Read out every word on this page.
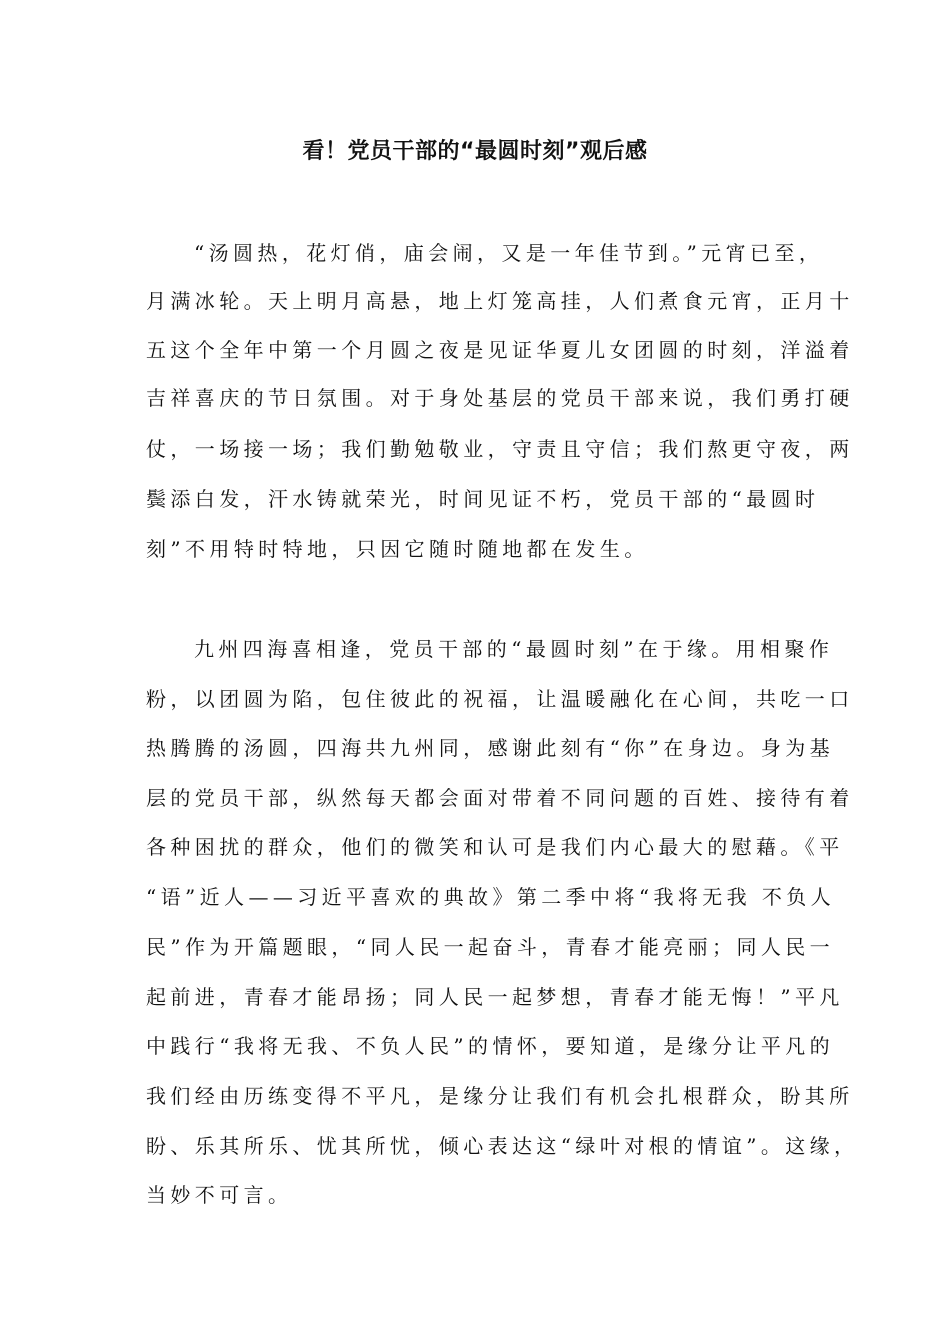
看！党员干部的“最圆时刻”观后感

“汤圆热，花灯俏，庙会闹，又是一年佳节到。”元宵已至，

月满冰轮。天上明月高悬，地上灯笼高挂，人们煮食元宵，正月十

五这个全年中第一个月圆之夜是见证华夏儿女团圆的时刻，洋溢着

吉祥喜庆的节日氛围。对于身处基层的党员干部来说，我们勇打硬

仗，一场接一场；我们勤勉敬业，守责且守信；我们熬更守夜，两

鬓添白发，汗水铸就荣光，时间见证不朽，党员干部的“最圆时

刻”不用特时特地，只因它随时随地都在发生。

九州四海喜相逢，党员干部的“最圆时刻”在于缘。用相聚作

粉，以团圆为陷，包住彼此的祝福，让温暖融化在心间，共吃一口

热腾腾的汤圆，四海共九州同，感谢此刻有“你”在身边。身为基

层的党员干部，纵然每天都会面对带着不同问题的百姓、接待有着

各种困扰的群众，他们的微笑和认可是我们内心最大的慰藉。《平

“语”近人——习近平喜欢的典故》第二季中将“我将无我 不负人

民”作为开篇题眼，“同人民一起奋斗，青春才能亮丽；同人民一

起前进，青春才能昂扬；同人民一起梦想，青春才能无悔！”平凡

中践行“我将无我、不负人民”的情怀，要知道，是缘分让平凡的

我们经由历练变得不平凡，是缘分让我们有机会扎根群众，盼其所

盼、乐其所乐、忧其所忧，倾心表达这“绿叶对根的情谊”。这缘，

当妙不可言。
